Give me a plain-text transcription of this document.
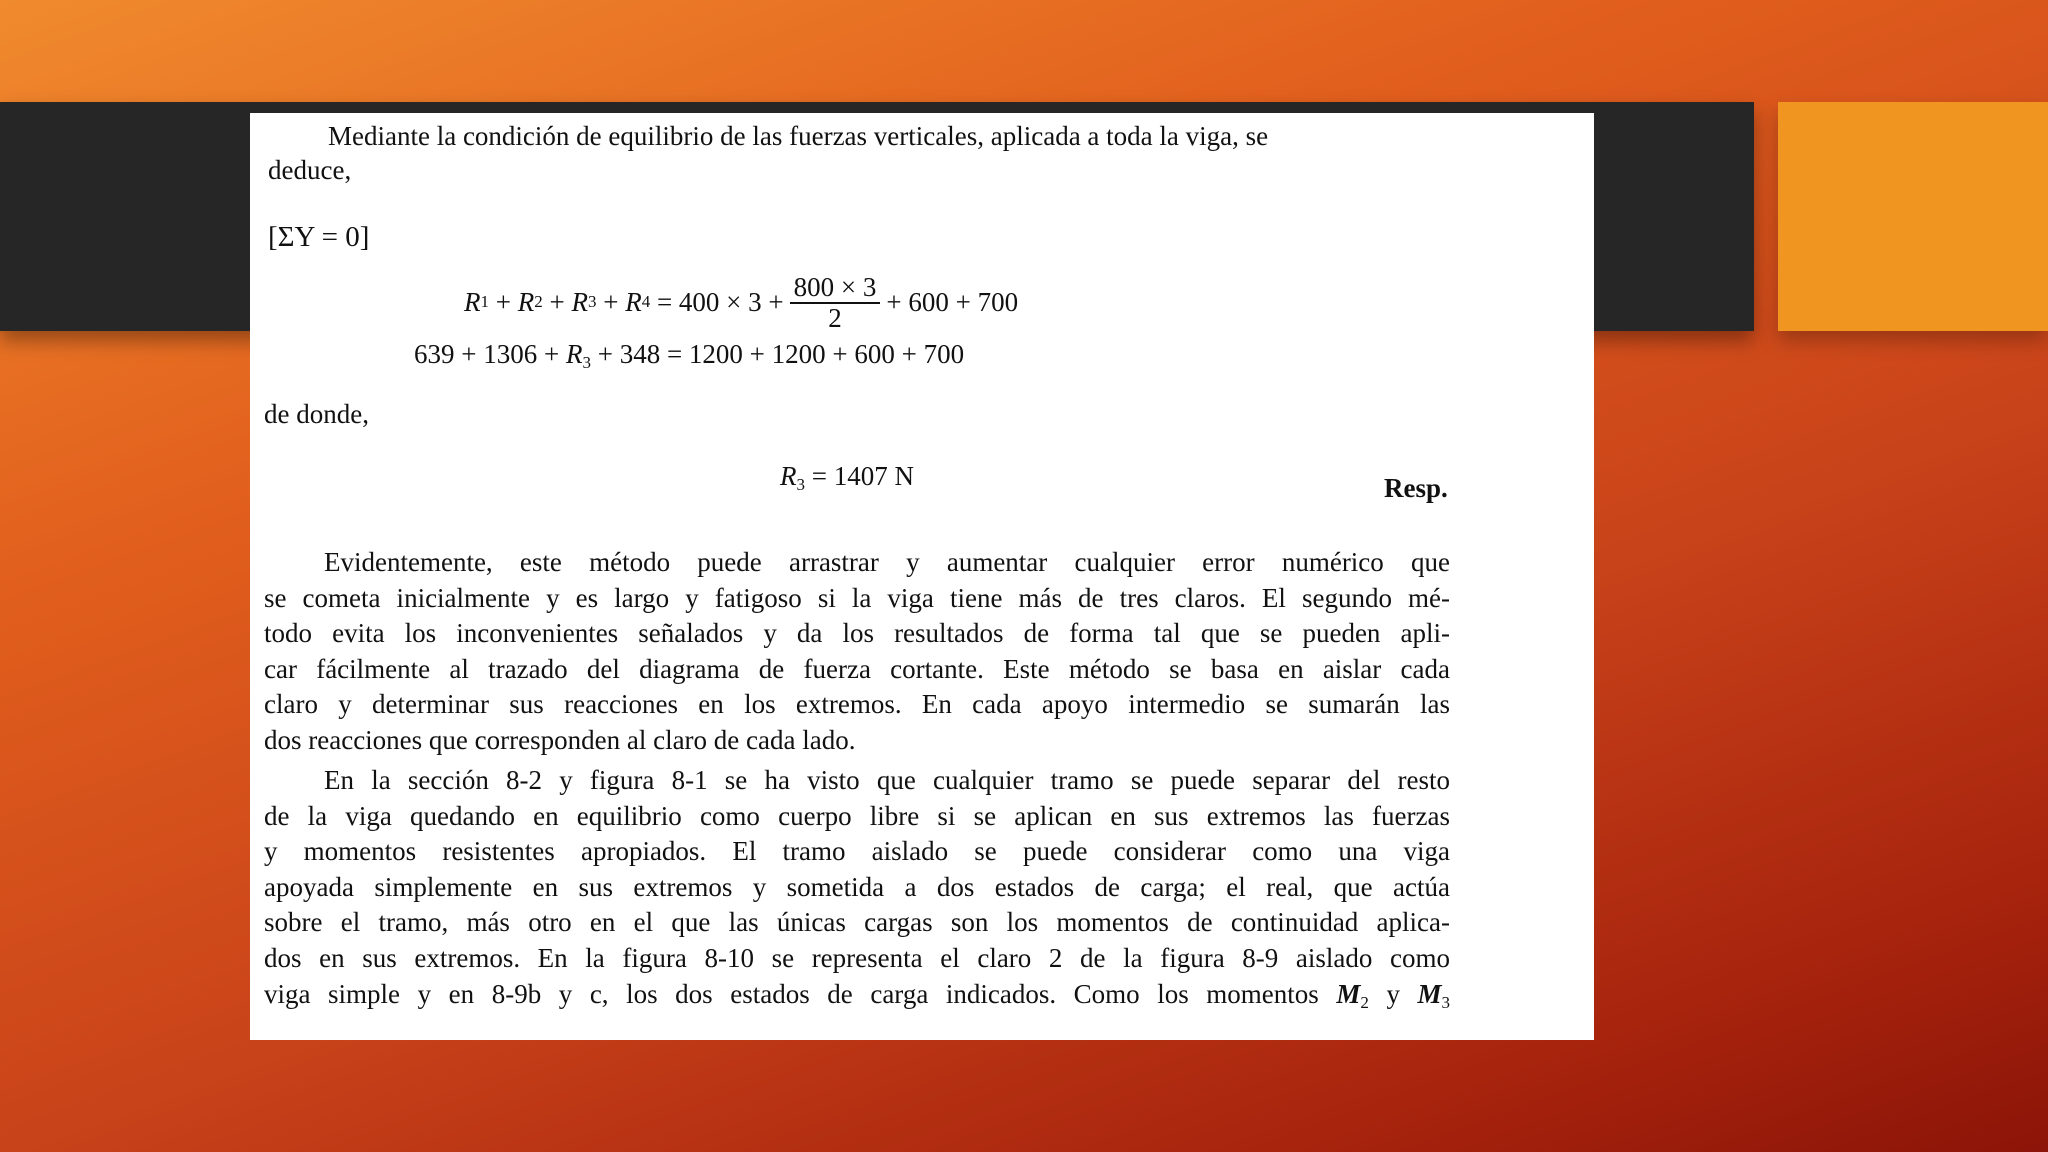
Mediante la condición de equilibrio de las fuerzas verticales, aplicada a toda la viga, se
deduce,
[ΣY = 0]
R 1 + R 2 + R 3 + R 4
= $400 \times 3 + \frac{800 \times 3}{2} + 600 + 700$
$639 + 1306 + R_3 + 348 = 1200 + 1200 + 600 + 700$
de donde,
$R_3 = 1407$ N	Resp.
Evidentemente, este método puede arrastrar y aumentar cualquier error numérico que
se cometa inicialmente y es largo y fatigoso si la viga tiene más de tres claros. El segundo mé-
todo evita los inconvenientes señalados y da los resultados de forma tal que se pueden apli-
car fácilmente al trazado del diagrama de fuerza cortante. Este método se basa en aislar cada
claro y determinar sus reacciones en los extremos. En cada apoyo intermedio se sumarán las
dos reacciones que corresponden al claro de cada lado.
En la sección 8-2 y figura 8-1 se ha visto que cualquier tramo se puede separar del resto
de la viga quedando en equilibrio como cuerpo libre si se aplican en sus extremos las fuerzas
y momentos resistentes apropiados. El tramo aislado se puede considerar como una viga
apoyada simplemente en sus extremos y sometida a dos estados de carga; el real, que actúa
sobre el tramo, más otro en el que las únicas cargas son los momentos de continuidad aplica-
dos en sus extremos. En la figura 8-10 se representa el claro 2 de la figura 8-9 aislado como
viga simple y en 8-9b y c, los dos estados de carga indicados. Como los momentos $M_2$ y $M_3$
